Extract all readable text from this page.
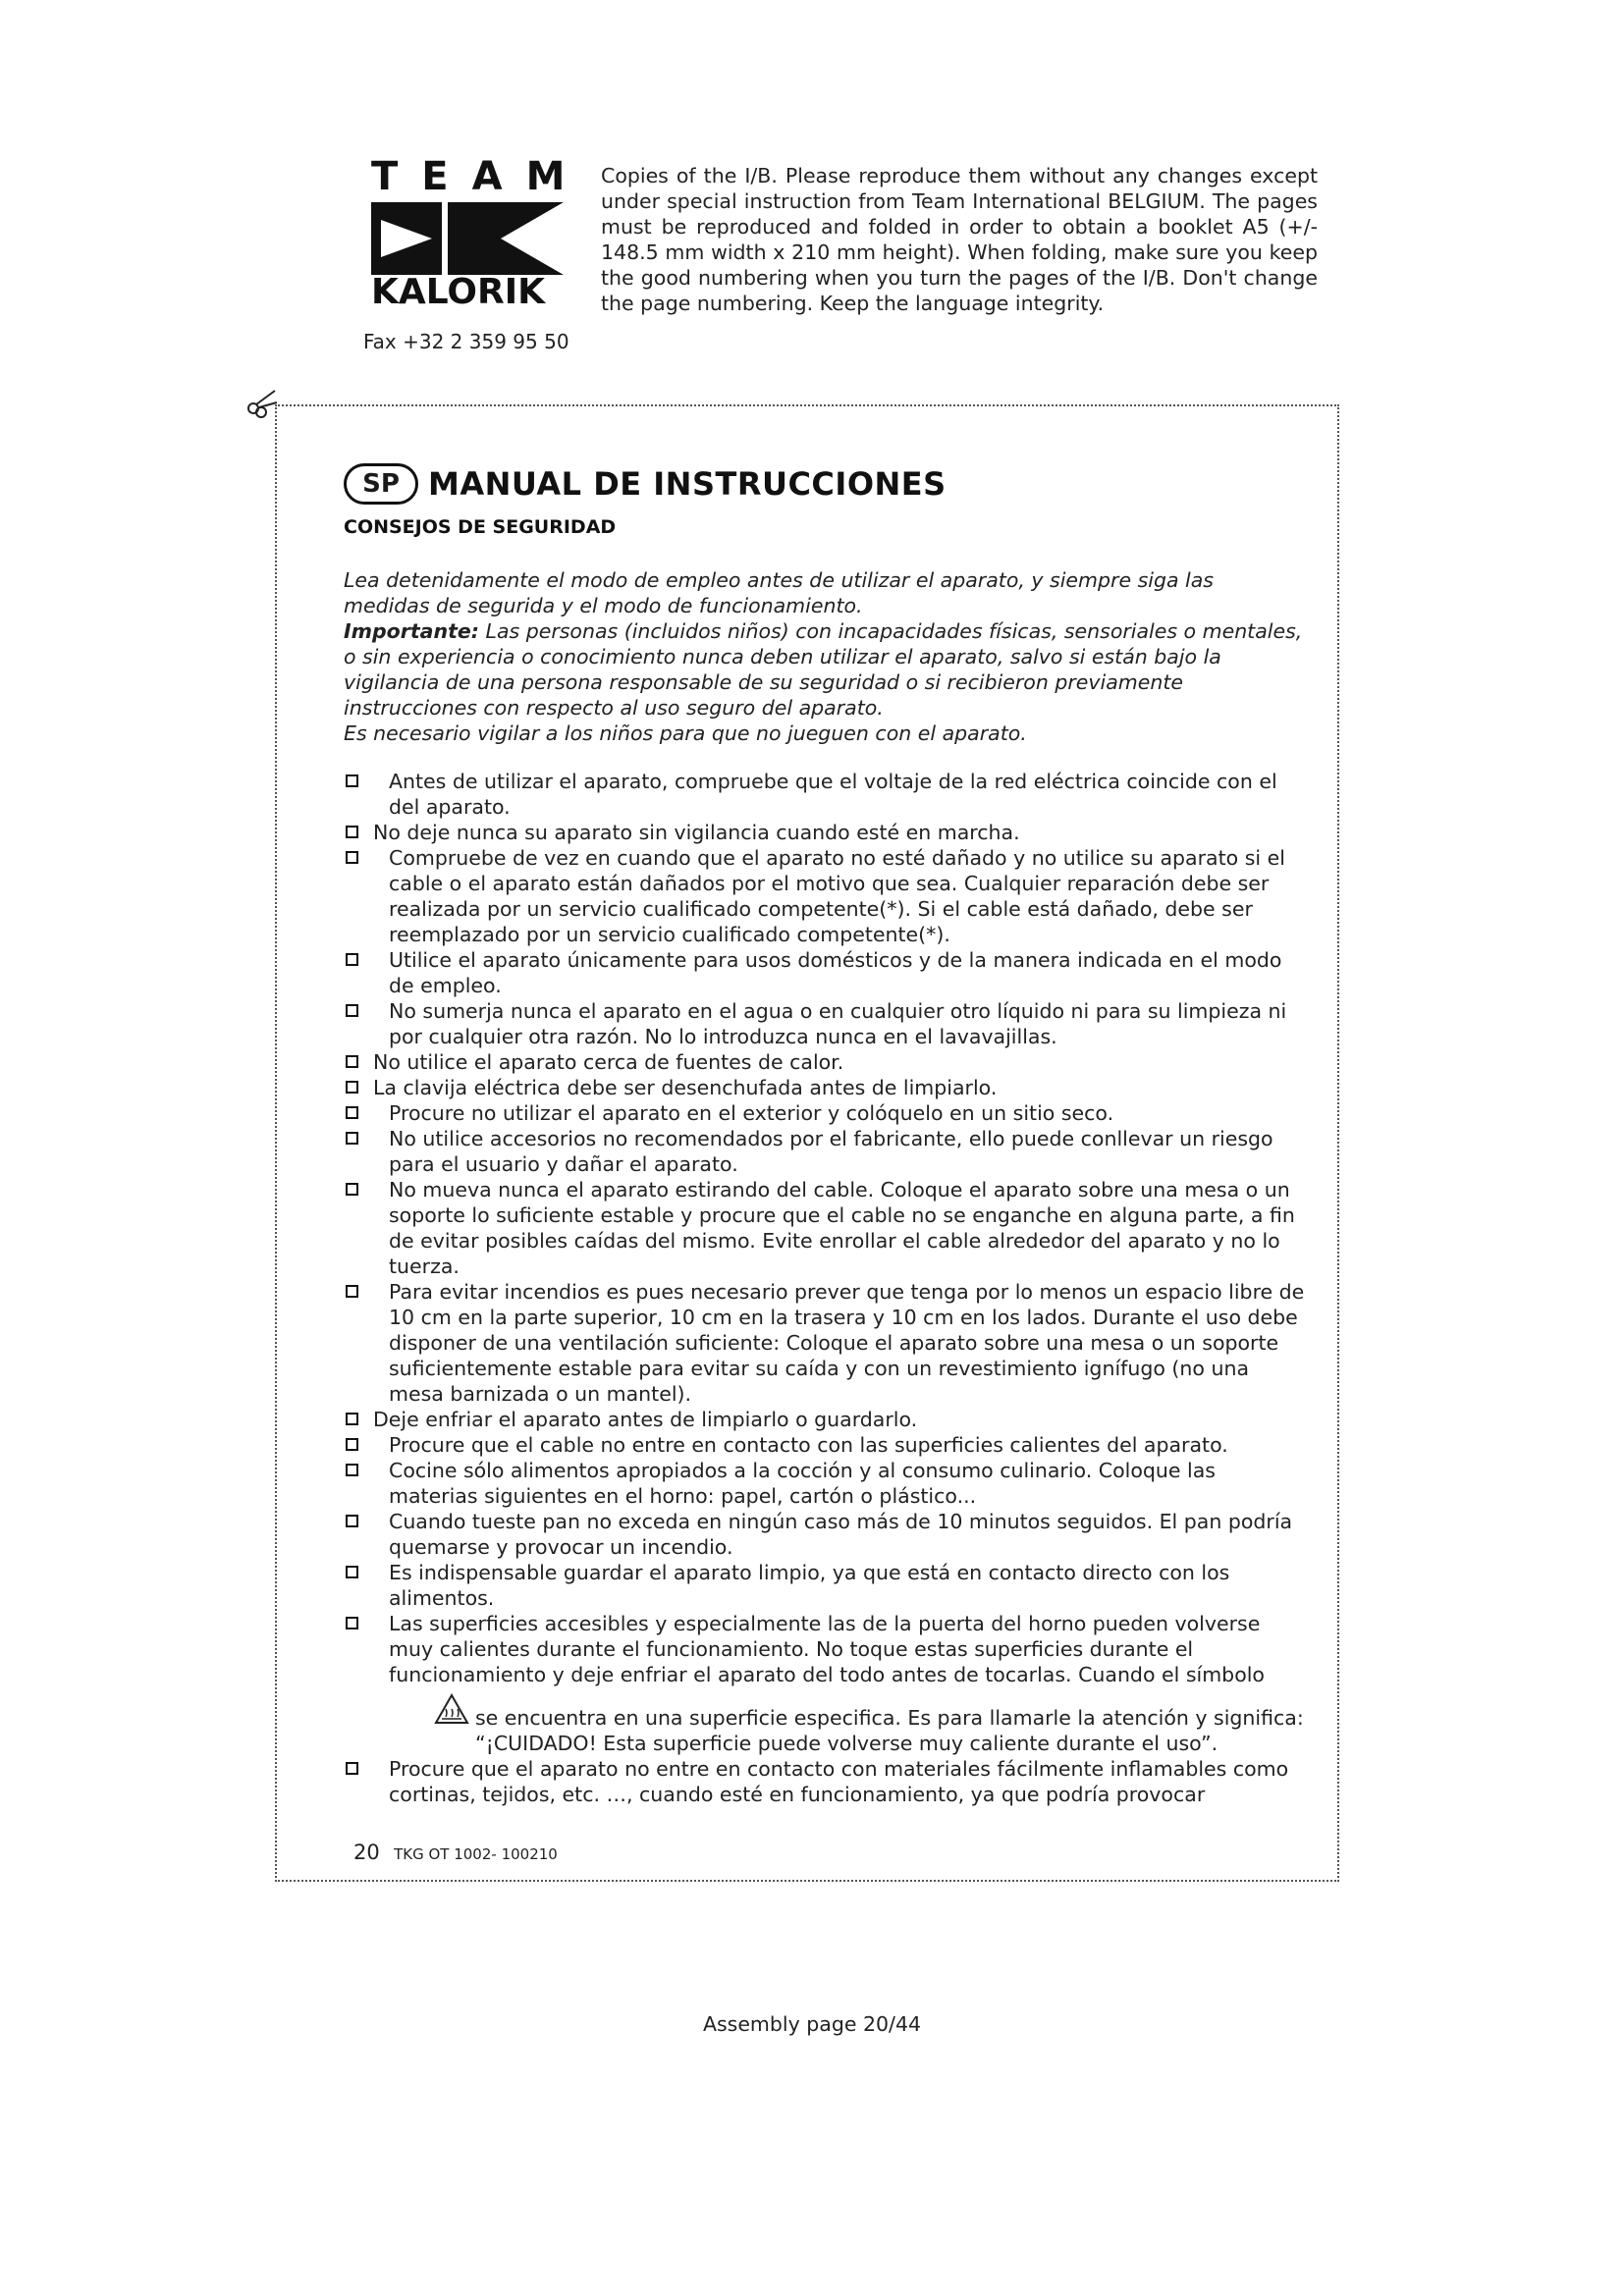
TEAM
KALORIK
Fax +32 2 359 95 50
Copies of the I/B. Please reproduce them without any changes except under special instruction from Team International BELGIUM. The pages must be reproduced and folded in order to obtain a booklet A5 (+/- 148.5 mm width x 210 mm height). When folding, make sure you keep the good numbering when you turn the pages of the I/B. Don't change the page numbering. Keep the language integrity.
SP MANUAL DE INSTRUCCIONES
CONSEJOS DE SEGURIDAD

Lea detenidamente el modo de empleo antes de utilizar el aparato, y siempre siga las medidas de segurida y el modo de funcionamiento.

Importante: Las personas (incluidos niños) con incapacidades físicas, sensoriales o mentales, o sin experiencia o conocimiento nunca deben utilizar el aparato, salvo si están bajo la vigilancia de una persona responsable de su seguridad o si recibieron previamente instrucciones con respecto al uso seguro del aparato.

Es necesario vigilar a los niños para que no jueguen con el aparato.

Antes de utilizar el aparato, compruebe que el voltaje de la red eléctrica coincide con el del aparato.
No deje nunca su aparato sin vigilancia cuando esté en marcha.
Compruebe de vez en cuando que el aparato no esté dañado y no utilice su aparato si el cable o el aparato están dañados por el motivo que sea. Cualquier reparación debe ser realizada por un servicio cualificado competente(*). Si el cable está dañado, debe ser reemplazado por un servicio cualificado competente(*).
Utilice el aparato únicamente para usos domésticos y de la manera indicada en el modo de empleo.
No sumerja nunca el aparato en el agua o en cualquier otro líquido ni para su limpieza ni por cualquier otra razón. No lo introduzca nunca en el lavavajillas.
No utilice el aparato cerca de fuentes de calor.
La clavija eléctrica debe ser desenchufada antes de limpiarlo.
Procure no utilizar el aparato en el exterior y colóquelo en un sitio seco.
No utilice accesorios no recomendados por el fabricante, ello puede conllevar un riesgo para el usuario y dañar el aparato.
No mueva nunca el aparato estirando del cable. Coloque el aparato sobre una mesa o un soporte lo suficiente estable y procure que el cable no se enganche en alguna parte, a fin de evitar posibles caídas del mismo. Evite enrollar el cable alrededor del aparato y no lo tuerza.
Para evitar incendios es pues necesario prever que tenga por lo menos un espacio libre de 10 cm en la parte superior, 10 cm en la trasera y 10 cm en los lados. Durante el uso debe disponer de una ventilación suficiente: Coloque el aparato sobre una mesa o un soporte suficientemente estable para evitar su caída y con un revestimiento ignífugo (no una mesa barnizada o un mantel).
Deje enfriar el aparato antes de limpiarlo o guardarlo.
Procure que el cable no entre en contacto con las superficies calientes del aparato.
Cocine sólo alimentos apropiados a la cocción y al consumo culinario. Coloque las materias siguientes en el horno: papel, cartón o plástico...
Cuando tueste pan no exceda en ningún caso más de 10 minutos seguidos. El pan podría quemarse y provocar un incendio.
Es indispensable guardar el aparato limpio, ya que está en contacto directo con los alimentos.
Las superficies accesibles y especialmente las de la puerta del horno pueden volverse muy calientes durante el funcionamiento. No toque estas superficies durante el funcionamiento y deje enfriar el aparato del todo antes de tocarlas. Cuando el símbolo
se encuentra en una superficie especifica. Es para llamarle la atención y significa: “¡CUIDADO! Esta superficie puede volverse muy caliente durante el uso”.
Procure que el aparato no entre en contacto con materiales fácilmente inflamables como cortinas, tejidos, etc. …, cuando esté en funcionamiento, ya que podría provocar
20 TKG OT 1002- 100210
Assembly page 20/44
